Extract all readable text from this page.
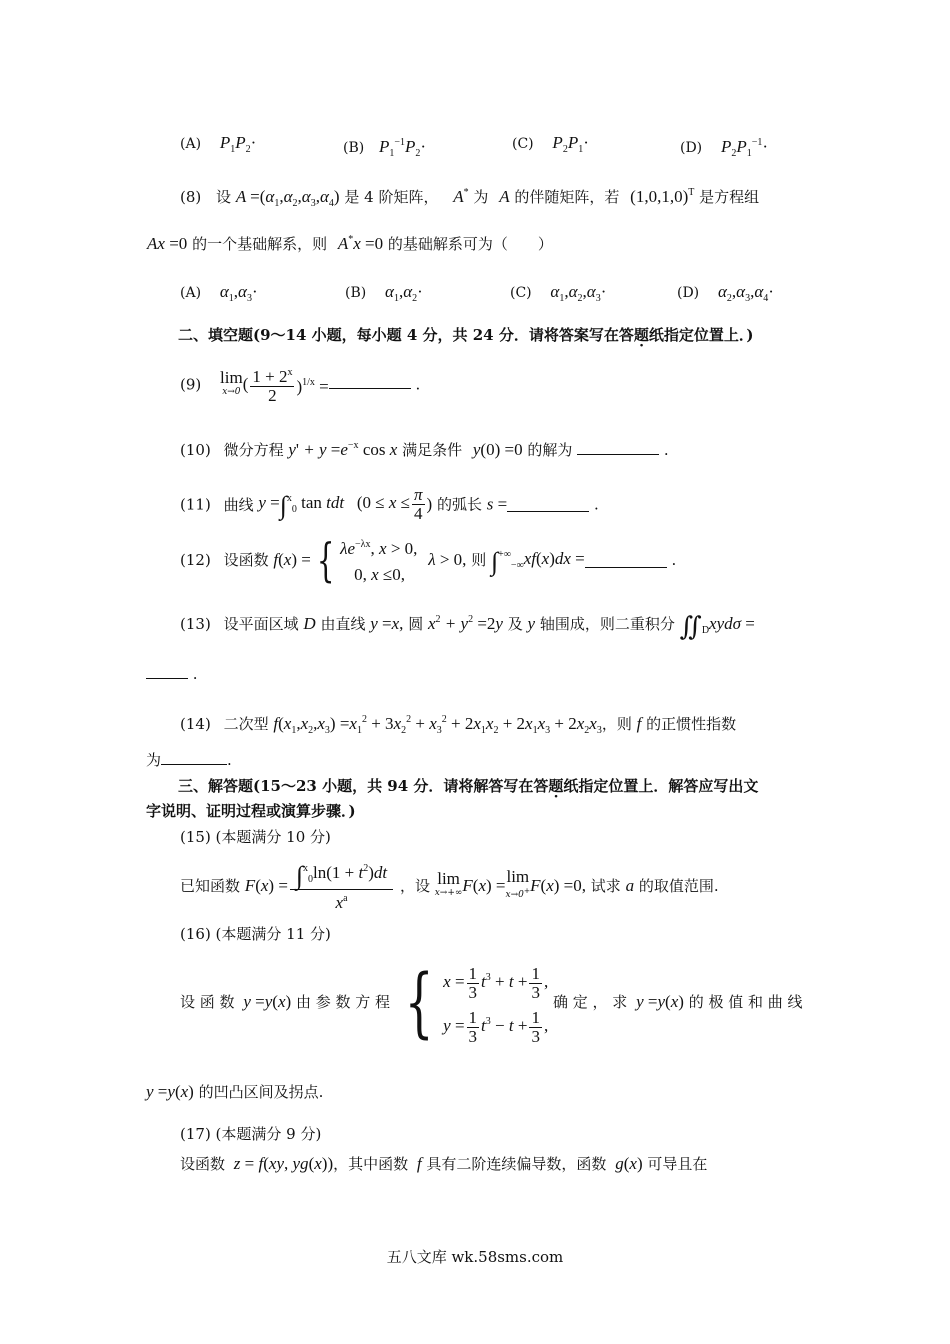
(A) $P_1P_2\cdot$	(B) $P_1^{-1}P_2\cdot$	(C) $P_2P_1\cdot$	(D) $P_2P_1^{-1}\cdot$
(8) 设 $A =(\alpha_1,\alpha_2,\alpha_3,\alpha_4)$ 是 4 阶矩阵， A* 为 A 的伴随矩阵，若 $(1,0,1,0)^T$ 是方程组
Ax =0 的一个基础解系，则 A*x =0 的基础解系可为（　　）
(A) $\alpha_1,\alpha_3\cdot$	(B) $\alpha_1,\alpha_2\cdot$	(C) $\alpha_1,\alpha_2,\alpha_3\cdot$	(D) $\alpha_2,\alpha_3,\alpha_4\cdot$
二、填空题(9～14 小题，每小题 4 分，共 24 分．请将答案写在答题纸指定位置上．)
(9) lim
x→0 ( $\frac{1 + 2^x}{2} )^{1/x}$ =	.
(10) 微分方程 $y' + y =e^{-x}$ cos x 满足条件 y(0) =0 的解为	.
(11) 曲线 y =∫$^x_0$ tan tdt   ($0 \le x \le \frac{\pi}{4}$ ) 的弧长 s =	.
(12) 设函数 f(x) = { $\lambda e^{-\lambda x}$, x > 0,
0, x ≤0,
λ > 0, 则 $\int^{+\infty}_{-\infty}xf(x)dx$ =	.
(13) 设平面区域 D 由直线 y =x, 圆 $x^2 + y^2 =2y$ 及 y 轴围成，则二重积分 $∬_Dxyd\sigma$ =
.
(14) 二次型 $f(x_1,x_2,x_3) =x_1^2 + 3x_2^2 + x_3^2 + 2x_1x_2 + 2x_1x_3 + 2x_2x_3$，则 f 的正惯性指数
为	.
三、解答题(15～23 小题，共 94 分．请将解答写在答题纸指定位置上．解答应写出文
字说明、证明过程或演算步骤．)
(15) (本题满分 10 分)
已知函数 $F(x) = \frac{\int^x_0\ln(1 + t^2)dt}{x^a}$ ，设 lim
x→+∞ F(x) = lim
x→0+ F(x) =0, 试求 a 的取值范围.
(16) (本题满分 11 分)
设 函 数 y =y(x) 由 参 数 方 程 { $x = \frac{1}{3} t^3 + t + \frac{1}{3}$ ,
$y = \frac{1}{3} t^3 - t + \frac{1}{3}$ ,
确 定 ， 求 y =y(x) 的 极 值 和 曲 线
y =y(x) 的凹凸区间及拐点.
(17) (本题满分 9 分)
设函数 z = f(xy, yg(x))，其中函数 f 具有二阶连续偏导数，函数 g(x) 可导且在
五八文库 wk.58sms.com
